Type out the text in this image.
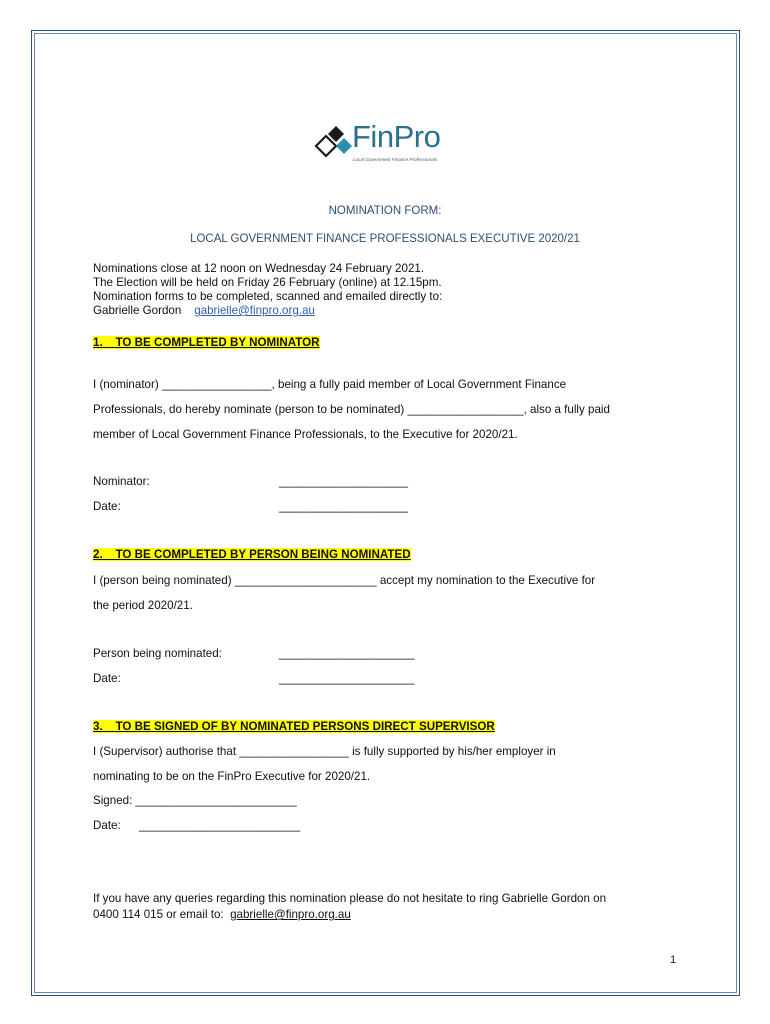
FinPro
Local Government Finance Professionals
NOMINATION FORM:
LOCAL GOVERNMENT FINANCE PROFESSIONALS EXECUTIVE 2020/21
Nominations close at 12 noon on Wednesday 24 February 2021.
The Election will be held on Friday 26 February (online) at 12.15pm.
Nomination forms to be completed, scanned and emailed directly to:
Gabrielle Gordon gabrielle@finpro.org.au
1. TO BE COMPLETED BY NOMINATOR
I (nominator) _________________, being a fully paid member of Local Government Finance
Professionals, do hereby nominate (person to be nominated) __________________, also a fully paid
member of Local Government Finance Professionals, to the Executive for 2020/21.
Nominator:	____________________
Date:	____________________
2. TO BE COMPLETED BY PERSON BEING NOMINATED
I (person being nominated) ______________________ accept my nomination to the Executive for
the period 2020/21.
Person being nominated:	_____________________
Date:	_____________________
3. TO BE SIGNED OF BY NOMINATED PERSONS DIRECT SUPERVISOR
I (Supervisor) authorise that _________________ is fully supported by his/her employer in
nominating to be on the FinPro Executive for 2020/21.
Signed: _________________________
Date: _________________________
If you have any queries regarding this nomination please do not hesitate to ring Gabrielle Gordon on
0400 114 015 or email to: gabrielle@finpro.org.au
1
